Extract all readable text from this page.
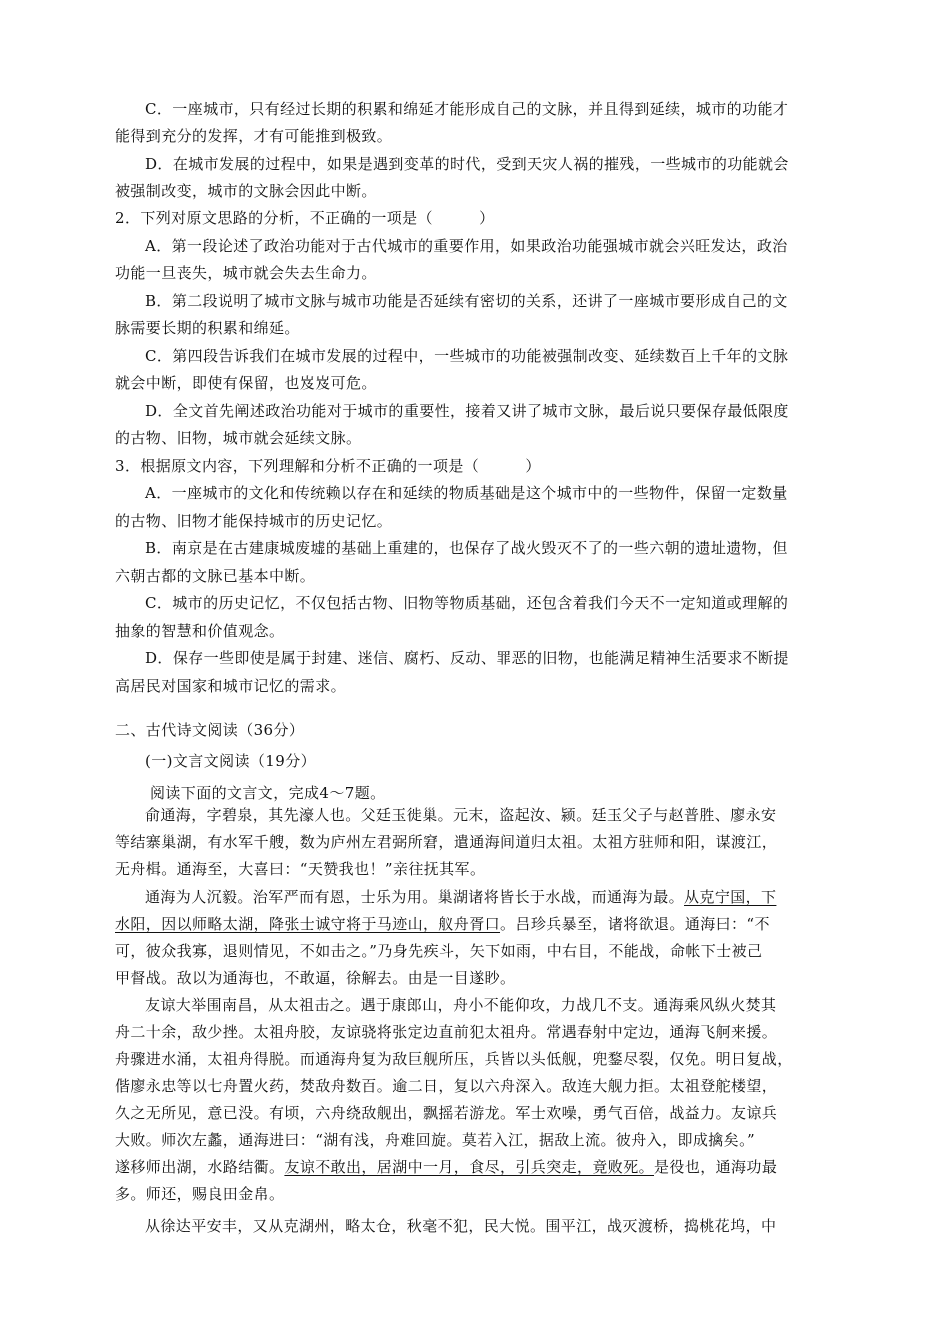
C．一座城市，只有经过长期的积累和绵延才能形成自己的文脉，并且得到延续，城市的功能才
能得到充分的发挥，才有可能推到极致。
D．在城市发展的过程中，如果是遇到变革的时代，受到天灾人祸的摧残，一些城市的功能就会
被强制改变，城市的文脉会因此中断。
2．下列对原文思路的分析，不正确的一项是（　　　）
A．第一段论述了政治功能对于古代城市的重要作用，如果政治功能强城市就会兴旺发达，政治
功能一旦丧失，城市就会失去生命力。
B．第二段说明了城市文脉与城市功能是否延续有密切的关系，还讲了一座城市要形成自己的文
脉需要长期的积累和绵延。
C．第四段告诉我们在城市发展的过程中，一些城市的功能被强制改变、延续数百上千年的文脉
就会中断，即使有保留，也岌岌可危。
D．全文首先阐述政治功能对于城市的重要性，接着又讲了城市文脉，最后说只要保存最低限度
的古物、旧物，城市就会延续文脉。
3．根据原文内容，下列理解和分析不正确的一项是（　　　）
A．一座城市的文化和传统赖以存在和延续的物质基础是这个城市中的一些物件，保留一定数量
的古物、旧物才能保持城市的历史记忆。
B．南京是在古建康城废墟的基础上重建的，也保存了战火毁灭不了的一些六朝的遗址遗物，但
六朝古都的文脉已基本中断。
C．城市的历史记忆，不仅包括古物、旧物等物质基础，还包含着我们今天不一定知道或理解的
抽象的智慧和价值观念。
D．保存一些即使是属于封建、迷信、腐朽、反动、罪恶的旧物，也能满足精神生活要求不断提
高居民对国家和城市记忆的需求。
二、古代诗文阅读（36分）
(一)文言文阅读（19分）
阅读下面的文言文，完成4～7题。
俞通海，字碧泉，其先濠人也。父廷玉徙巢。元末，盗起汝、颍。廷玉父子与赵普胜、廖永安
等结寨巢湖，有水军千艘，数为庐州左君弼所窘，遣通海间道归太祖。太祖方驻师和阳，谋渡江，
无舟楫。通海至，大喜曰：“天赞我也！”亲往抚其军。
通海为人沉毅。治军严而有恩，士乐为用。巢湖诸将皆长于水战，而通海为最。从克宁国，下
水阳，因以师略太湖，降张士诚守将于马迹山，舣舟胥口。吕珍兵暴至，诸将欲退。通海曰：“不
可，彼众我寡，退则情见，不如击之。”乃身先疾斗，矢下如雨，中右目，不能战，命帐下士被己
甲督战。敌以为通海也，不敢逼，徐解去。由是一目遂眇。
友谅大举围南昌，从太祖击之。遇于康郎山，舟小不能仰攻，力战几不支。通海乘风纵火焚其
舟二十余，敌少挫。太祖舟胶，友谅骁将张定边直前犯太祖舟。常遇春射中定边，通海飞舸来援。
舟骤进水涌，太祖舟得脱。而通海舟复为敌巨舰所压，兵皆以头低舰，兜鍪尽裂，仅免。明日复战，
偕廖永忠等以七舟置火药，焚敌舟数百。逾二日，复以六舟深入。敌连大舰力拒。太祖登舵楼望，
久之无所见，意已没。有顷，六舟绕敌舰出，飘摇若游龙。军士欢噪，勇气百倍，战益力。友谅兵
大败。师次左蠡，通海进曰：“湖有浅，舟难回旋。莫若入江，据敌上流。彼舟入，即成擒矣。”
遂移师出湖，水路结衢。友谅不敢出，居湖中一月，食尽，引兵突走，竟败死。是役也，通海功最
多。师还，赐良田金帛。
从徐达平安丰，又从克湖州，略太仓，秋毫不犯，民大悦。围平江，战灭渡桥，捣桃花坞，中
